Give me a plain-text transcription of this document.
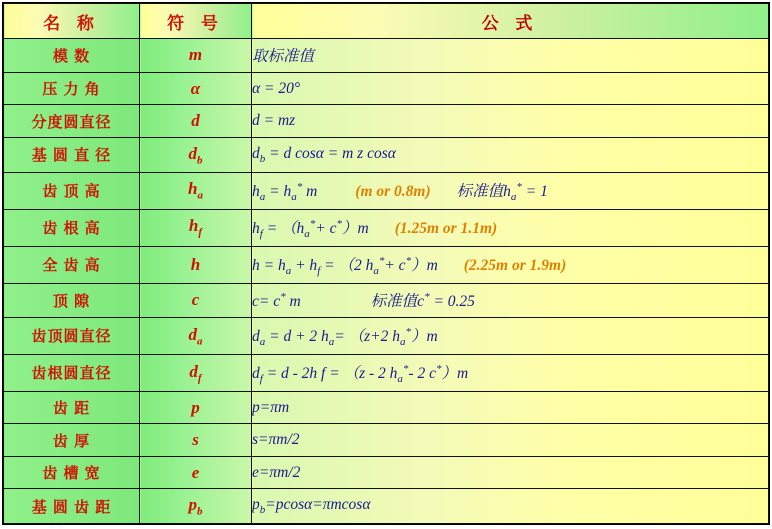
名 称	符 号	公 式
模 数	m	取标准值
压 力 角	α	α = 20°
分度圆直径	d	d = mz
基 圆 直 径	$d_b$	$d_b = d$ cosα = m z cosα
齿 顶 高	$h_a$	$h_a = h_a^*$ m (m or 0.8m) 标准值$h_a^* = 1$
齿 根 高	$h_f$	$h_f = (h_a^*+ c^*)m$ (1.25m or 1.1m)
全 齿 高	h	$h = h_a + h_f = (2$ $h_a^*+ c^*)m$ (2.25m or 1.9m)
顶 隙	c	c= c* m 标准值c* = 0.25
齿顶圆直径	$d_a$	$d_a = d + 2$ $h_a= (z+2$ $h_a^*)m$
齿根圆直径	$d_f$	$d_f = d - 2h$ f = （z - 2 $h_a^*-$ 2 c*）m
齿 距	p	p=πm
齿 厚	s	s=πm/2
齿 槽 宽	e	e=πm/2
基 圆 齿 距	$p_b$	$p_b=pcos\alpha=\pi mcos\alpha$
